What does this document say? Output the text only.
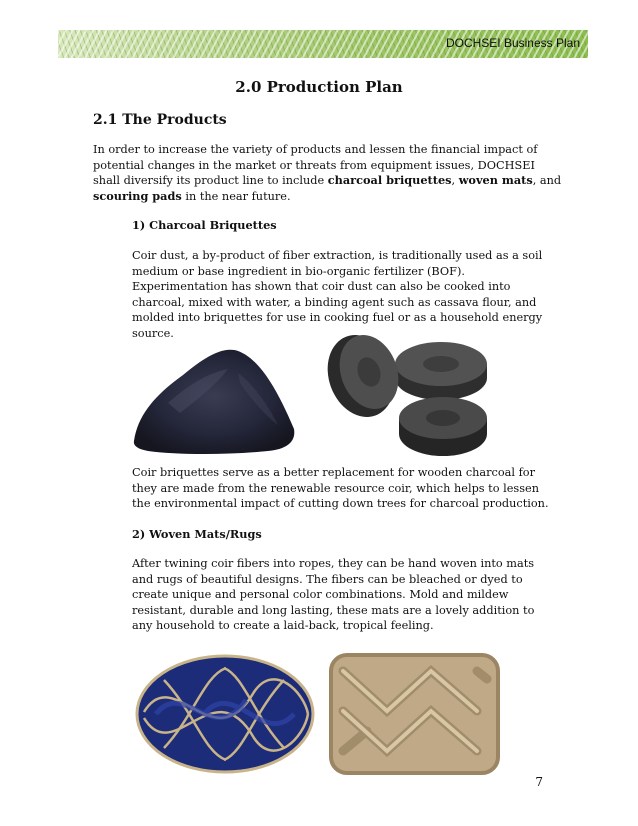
DOCHSEI Business Plan
2.0 Production Plan
2.1 The Products
In order to increase the variety of products and lessen the financial impact of potential changes in the market or threats from equipment issues, DOCHSEI shall diversify its product line to include charcoal briquettes, woven mats, and scouring pads in the near future.
1) Charcoal Briquettes
Coir dust, a by-product of fiber extraction, is traditionally used as a soil medium or base ingredient in bio-organic fertilizer (BOF). Experimentation has shown that coir dust can also be cooked into charcoal, mixed with water, a binding agent such as cassava flour, and molded into briquettes for use in cooking fuel or as a household energy source.
Coir briquettes serve as a better replacement for wooden charcoal for they are made from the renewable resource coir, which helps to lessen the environmental impact of cutting down trees for charcoal production.
2) Woven Mats/Rugs
After twining coir fibers into ropes, they can be hand woven into mats and rugs of beautiful designs. The fibers can be bleached or dyed to create unique and personal color combinations. Mold and mildew resistant, durable and long lasting, these mats are a lovely addition to any household to create a laid-back, tropical feeling.
7
